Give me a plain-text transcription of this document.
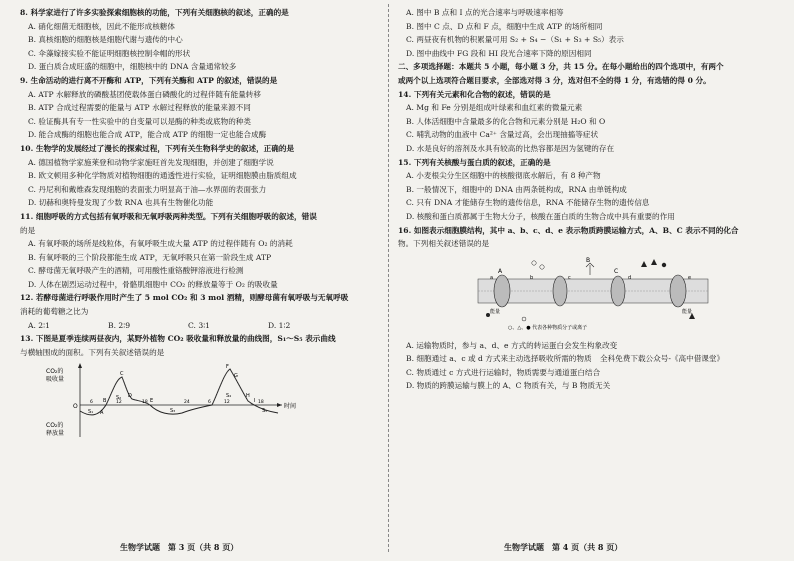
8. 科学家进行了许多实验探索细胞核的功能，下列有关细胞核的叙述，正确的是
A. 硝化细菌无细胞核，因此不能形成核糖体
B. 真核细胞的细胞核是细胞代谢与遗传的中心
C. 伞藻嫁接实验不能证明细胞核控制伞帽的形状
D. 蛋白质合成旺盛的细胞中，细胞核中的 DNA 含量通常较多
9. 生命活动的进行离不开酶和 ATP，下列有关酶和 ATP 的叙述，错误的是
A. ATP 水解释放的磷酸基团使载体蛋白磷酸化的过程伴随有能量转移
B. ATP 合成过程需要的能量与 ATP 水解过程释放的能量来源不同
C. 验证酶具有专一性实验中的自变量可以是酶的种类或底物的种类
D. 能合成酶的细胞也能合成 ATP，能合成 ATP 的细胞一定也能合成酶
10. 生物学的发展经过了漫长的探索过程，下列有关生物科学史的叙述，正确的是
A. 德国植物学家施莱登和动物学家施旺首先发现细胞，并创建了细胞学说
B. 欧文顿用多种化学物质对植物细胞的通透性进行实验，证明细胞膜由脂质组成
C. 丹尼利和戴维森发现细胞的表面张力明显高于油—水界面的表面张力
D. 切赫和奥特曼发现了少数 RNA 也具有生物催化功能
11. 细胞呼吸的方式包括有氧呼吸和无氧呼吸两种类型。下列有关细胞呼吸的叙述，错误
的是
A. 有氧呼吸的场所是线粒体，有氧呼吸生成大量 ATP 的过程伴随有 O₂ 的消耗
B. 有氧呼吸的三个阶段都能生成 ATP，无氧呼吸只在第一阶段生成 ATP
C. 酵母菌无氧呼吸产生的酒精，可用酸性重铬酸钾溶液进行检测
D. 人体在剧烈运动过程中，骨骼肌细胞中 CO₂ 的释放量等于 O₂ 的吸收量
12. 若酵母菌进行呼吸作用时产生了 5 mol CO₂ 和 3 mol 酒精，则酵母菌有氧呼吸与无氧呼吸
消耗的葡萄糖之比为
A. 2∶1	B. 2∶9	C. 3∶1	D. 1∶2
13. 下图是夏季连续两昼夜内，某野外植物 CO₂ 吸收量和释放量的曲线图，S₁～S₅ 表示曲线
与横轴围成的面积。下列有关叙述错误的是
CO₂的
吸收量
CO₂的
释放量
时间
O
A
B
C
D
E
F
G
H
I
S₁
S₂
S₃
S₄
S₅
6	12	18	24	6	12	18
生物学试题　第 3 页（共 8 页）
A. 图中 B 点和 I 点的光合速率与呼吸速率相等
B. 图中 C 点、D 点和 F 点，细胞中生成 ATP 的场所相同
C. 两昼夜有机物的积累量可用 S₂ + S₄ −（S₁ + S₃ + S₅）表示
D. 图中曲线中 FG 段和 HI 段光合速率下降的原因相同
二、多项选择题：本题共 5 小题，每小题 3 分，共 15 分。在每小题给出的四个选项中，有两个
或两个以上选项符合题目要求，全部选对得 3 分，选对但不全的得 1 分，有选错的得 0 分。
14. 下列有关元素和化合物的叙述，错误的是
A. Mg 和 Fe 分别是组成叶绿素和血红素的微量元素
B. 人体活细胞中含量最多的化合物和元素分别是 H₂O 和 O
C. 哺乳动物的血液中 Ca²⁺ 含量过高，会出现抽搐等症状
D. 水是良好的溶剂及水具有较高的比热容都是因为氢键的存在
15. 下列有关核酸与蛋白质的叙述，正确的是
A. 小麦根尖分生区细胞中的核酸彻底水解后，有 8 种产物
B. 一般情况下，细胞中的 DNA 由两条链构成，RNA 由单链构成
C. 只有 DNA 才能储存生物的遗传信息，RNA 不能储存生物的遗传信息
D. 核酸和蛋白质都属于生物大分子，核酸在蛋白质的生物合成中具有重要的作用
16. 如图表示细胞膜结构，其中 a、b、c、d、e 表示物质跨膜运输方式，A、B、C 表示不同的化合
物。下列相关叙述错误的是
A
B
C
a	b	c	d	e
能量	能量
○、△、● 代表各种物质分子或离子
A. 运输物质时，参与 a、d、e 方式的转运蛋白会发生构象改变
B. 细胞通过 a、c 或 d 方式来主动选择吸收所需的物质 全科免费下载公众号-《高中借课堂》
C. 物质通过 c 方式进行运输时，物质需要与通道蛋白结合
D. 物质的跨膜运输与膜上的 A、C 物质有关，与 B 物质无关
生物学试题　第 4 页（共 8 页）
